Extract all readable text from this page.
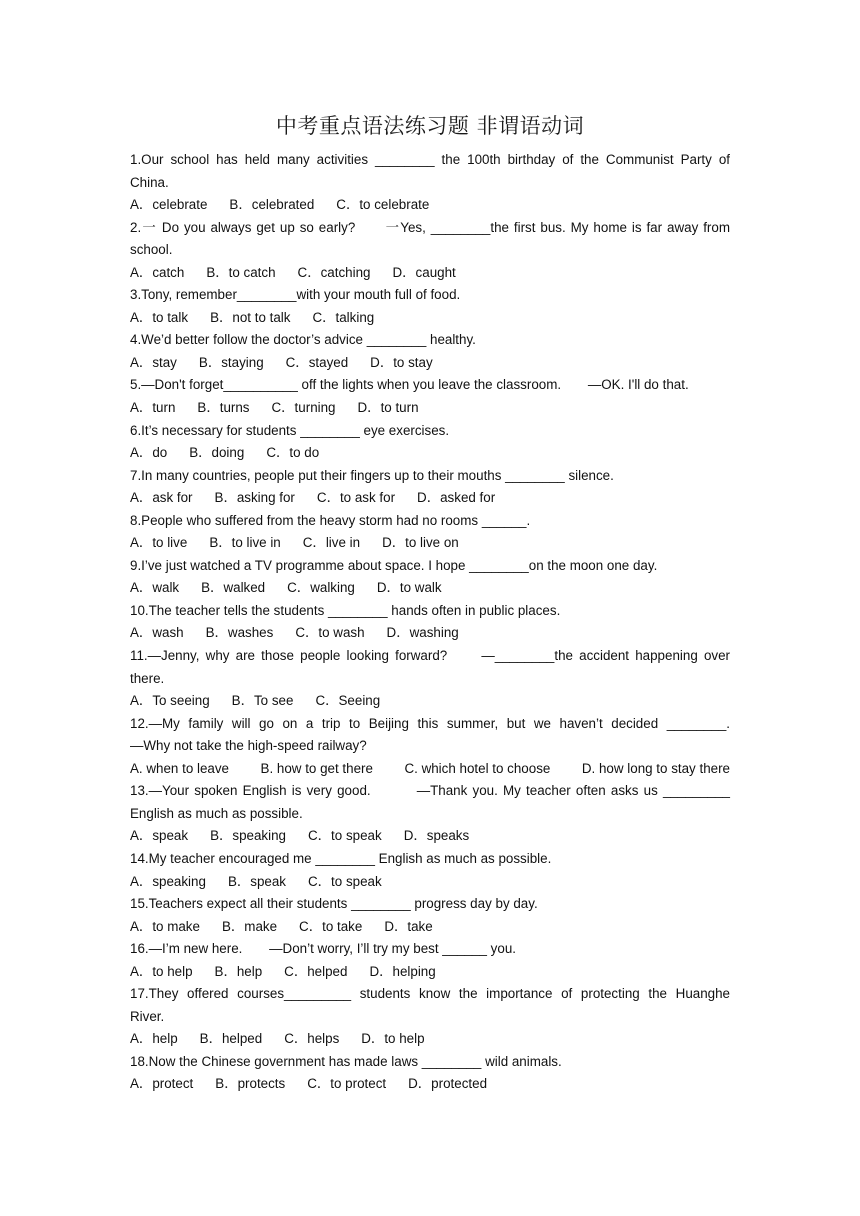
中考重点语法练习题 非谓语动词
1.Our school has held many activities ________ the 100th birthday of the Communist Party of
China.
A．celebrate B．celebrated C．to celebrate
2.一 Do you always get up so early?　　一Yes, ________the first bus. My home is far away from
school.
A．catch B．to catch C．catching D．caught
3.Tony, remember________with your mouth full of food.
A．to talk B．not to talk C．talking
4.We’d better follow the doctor’s advice ________ healthy.
A．stay B．staying C．stayed D．to stay
5.—Don't forget__________ off the lights when you leave the classroom.　　—OK. I'll do that.
A．turn B．turns C．turning D．to turn
6.It’s necessary for students ________ eye exercises.
A．do B．doing C．to do
7.In many countries, people put their fingers up to their mouths ________ silence.
A．ask for B．asking for C．to ask for D．asked for
8.People who suffered from the heavy storm had no rooms ______.
A．to live B．to live in C．live in D．to live on
9.I’ve just watched a TV programme about space. I hope ________on the moon one day.
A．walk B．walked C．walking D．to walk
10.The teacher tells the students ________ hands often in public places.
A．wash B．washes C．to wash D．washing
11.—Jenny, why are those people looking forward?　　—________the accident happening over
there.
A．To seeing B．To see C．Seeing
12.—My family will go on a trip to Beijing this summer, but we haven’t decided ________.
—Why not take the high-speed railway?
A. when to leave B. how to get there C. which hotel to choose D. how long to stay there
13.—Your spoken English is very good.　　　—Thank you. My teacher often asks us _________
English as much as possible.
A．speak B．speaking C．to speak D．speaks
14.My teacher encouraged me ________ English as much as possible.
A．speaking B．speak C．to speak
15.Teachers expect all their students ________ progress day by day.
A．to make B．make C．to take D．take
16.—I’m new here.　　—Don’t worry, I’ll try my best ______ you.
A．to help B．help C．helped D．helping
17.They offered courses_________ students know the importance of protecting the Huanghe
River.
A．help B．helped C．helps D．to help
18.Now the Chinese government has made laws ________ wild animals.
A．protect B．protects C．to protect D．protected
